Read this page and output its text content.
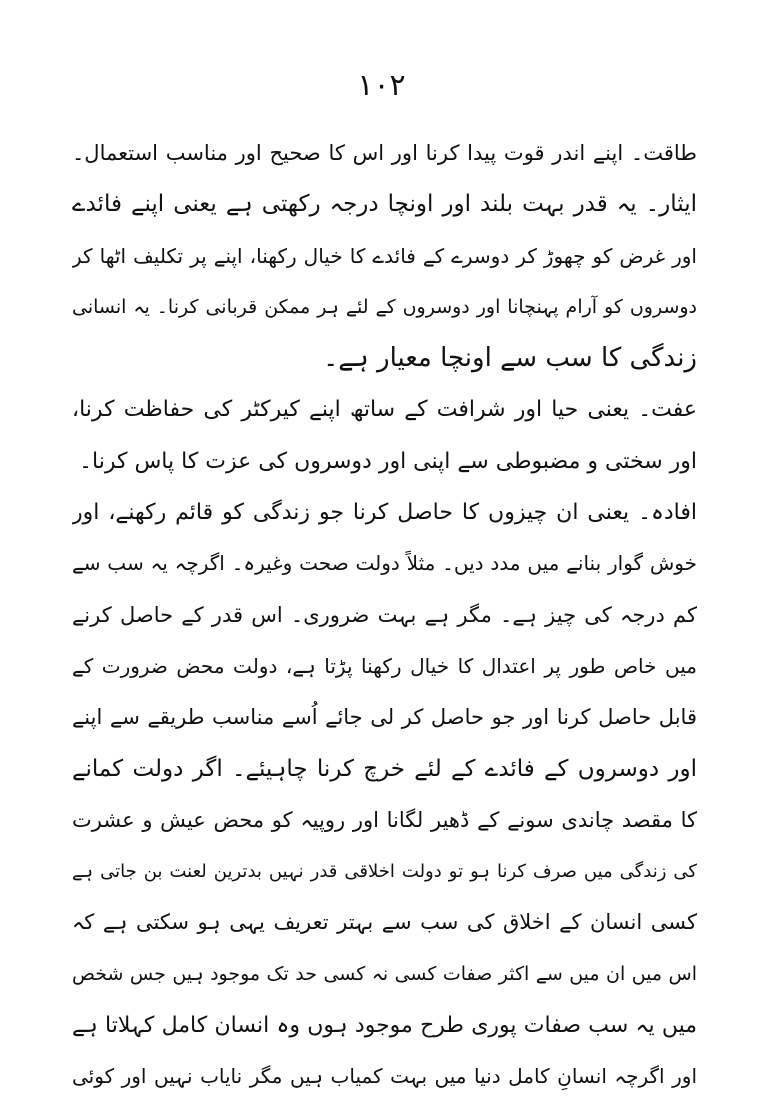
۱۰۲
طاقت۔ اپنے اندر قوت پیدا کرنا اور اس کا صحیح اور مناسب استعمال۔
ایثار۔ یہ قدر بہت بلند اور اونچا درجہ رکھتی ہے یعنی اپنے فائدے
اور غرض کو چھوڑ کر دوسرے کے فائدے کا خیال رکھنا، اپنے پر تکلیف اٹھا کر
دوسروں کو آرام پہنچانا اور دوسروں کے لئے ہر ممکن قربانی کرنا۔ یہ انسانی
زندگی کا سب سے اونچا معیار ہے۔
عفت۔ یعنی حیا اور شرافت کے ساتھ اپنے کیرکٹر کی حفاظت کرنا،
اور سختی و مضبوطی سے اپنی اور دوسروں کی عزت کا پاس کرنا۔
افادہ۔ یعنی ان چیزوں کا حاصل کرنا جو زندگی کو قائم رکھنے، اور
خوش گوار بنانے میں مدد دیں۔ مثلاً دولت صحت وغیرہ۔ اگرچہ یہ سب سے
کم درجہ کی چیز ہے۔ مگر ہے بہت ضروری۔ اس قدر کے حاصل کرنے
میں خاص طور پر اعتدال کا خیال رکھنا پڑتا ہے، دولت محض ضرورت کے
قابل حاصل کرنا اور جو حاصل کر لی جائے اُسے مناسب طریقے سے اپنے
اور دوسروں کے فائدے کے لئے خرچ کرنا چاہیئے۔ اگر دولت کمانے
کا مقصد چاندی سونے کے ڈھیر لگانا اور روپیہ کو محض عیش و عشرت
کی زندگی میں صرف کرنا ہو تو دولت اخلاقی قدر نہیں بدترین لعنت بن جاتی ہے
کسی انسان کے اخلاق کی سب سے بہتر تعریف یہی ہو سکتی ہے کہ
اس میں ان میں سے اکثر صفات کسی نہ کسی حد تک موجود ہیں جس شخص
میں یہ سب صفات پوری طرح موجود ہوں وہ انسان کامل کہلاتا ہے
اور اگرچہ انسانِ کامل دنیا میں بہت کمیاب ہیں مگر نایاب نہیں اور کوئی
